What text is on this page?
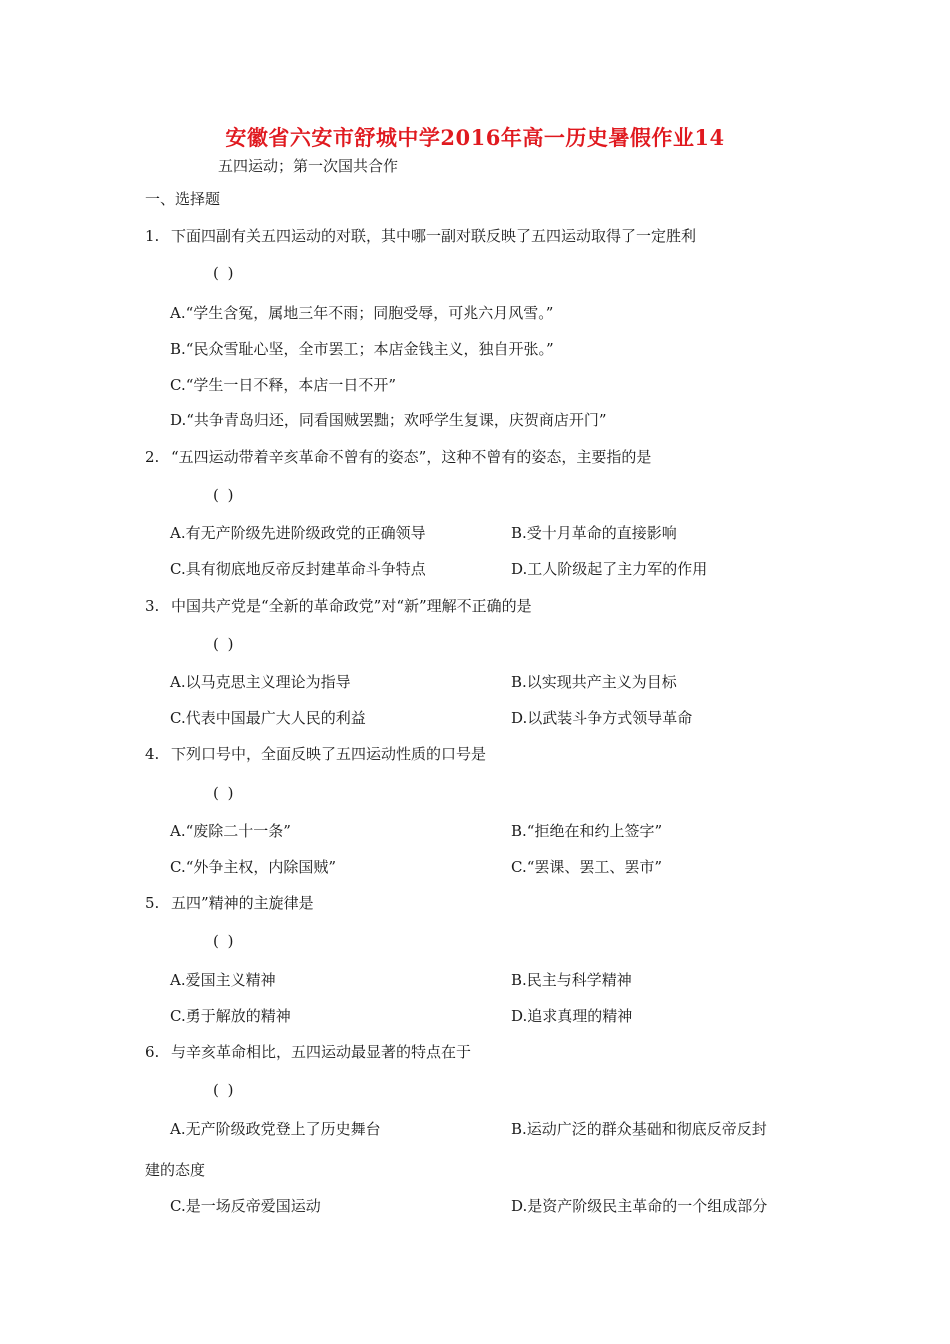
安徽省六安市舒城中学2016年高一历史暑假作业14
五四运动；第一次国共合作
一、选择题
1. 下面四副有关五四运动的对联，其中哪一副对联反映了五四运动取得了一定胜利
( )
A.“学生含冤，属地三年不雨；同胞受辱，可兆六月风雪。”
B.“民众雪耻心坚，全市罢工；本店金钱主义，独自开张。”
C.“学生一日不释，本店一日不开”
D.“共争青岛归还，同看国贼罢黜；欢呼学生复课，庆贺商店开门”
2. “五四运动带着辛亥革命不曾有的姿态”，这种不曾有的姿态，主要指的是
( )
A.有无产阶级先进阶级政党的正确领导	B.受十月革命的直接影响
C.具有彻底地反帝反封建革命斗争特点	D.工人阶级起了主力军的作用
3. 中国共产党是“全新的革命政党”对“新”理解不正确的是
( )
A.以马克思主义理论为指导	B.以实现共产主义为目标
C.代表中国最广大人民的利益	D.以武装斗争方式领导革命
4. 下列口号中，全面反映了五四运动性质的口号是
( )
A.“废除二十一条”	B.“拒绝在和约上签字”
C.“外争主权，内除国贼”	C.“罢课、罢工、罢市”
5. 五四”精神的主旋律是
( )
A.爱国主义精神	B.民主与科学精神
C.勇于解放的精神	D.追求真理的精神
6. 与辛亥革命相比，五四运动最显著的特点在于
( )
A.无产阶级政党登上了历史舞台	B.运动广泛的群众基础和彻底反帝反封
建的态度
C.是一场反帝爱国运动	D.是资产阶级民主革命的一个组成部分
